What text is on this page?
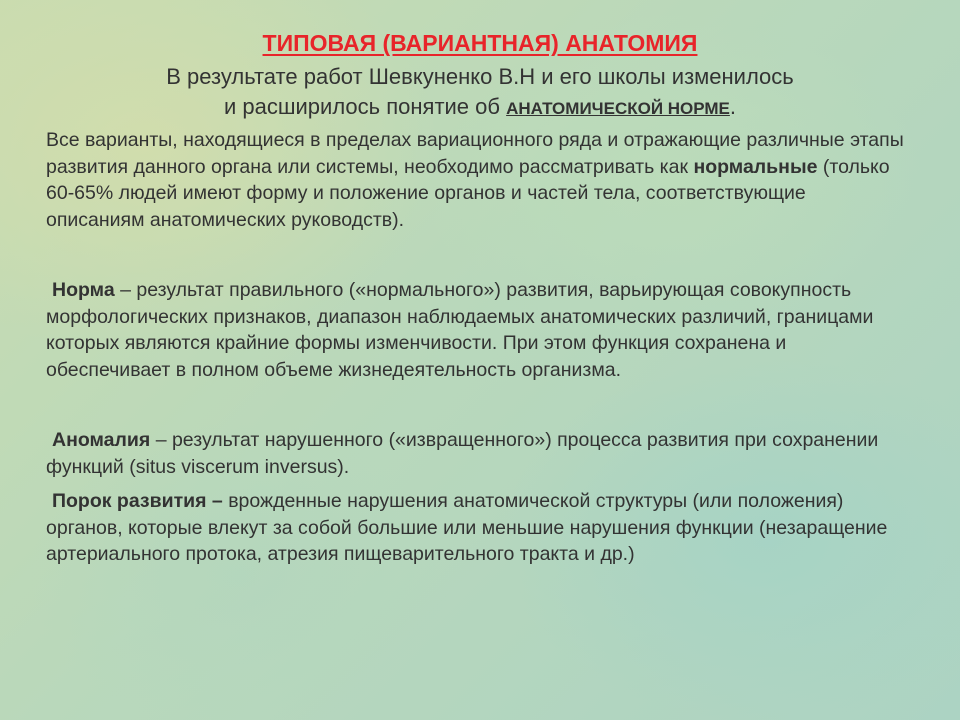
ТИПОВАЯ (ВАРИАНТНАЯ) АНАТОМИЯ
В результате работ Шевкуненко В.Н и его школы изменилось
и расширилось понятие об АНАТОМИЧЕСКОЙ НОРМЕ.
Все варианты, находящиеся в пределах вариационного ряда и отражающие различные этапы развития данного органа или системы, необходимо рассматривать как нормальные (только 60-65% людей имеют форму и положение органов и частей тела, соответствующие описаниям анатомических руководств).
Норма – результат правильного («нормального») развития, варьирующая совокупность морфологических признаков, диапазон наблюдаемых анатомических различий, границами которых являются крайние формы изменчивости. При этом функция сохранена и обеспечивает в полном объеме жизнедеятельность организма.
Аномалия – результат нарушенного («извращенного») процесса развития при сохранении функций (situs viscerum inversus).
Порок развития – врожденные нарушения анатомической структуры (или положения) органов, которые влекут за собой большие или меньшие нарушения функции (незаращение артериального протока, атрезия пищеварительного тракта и др.)
